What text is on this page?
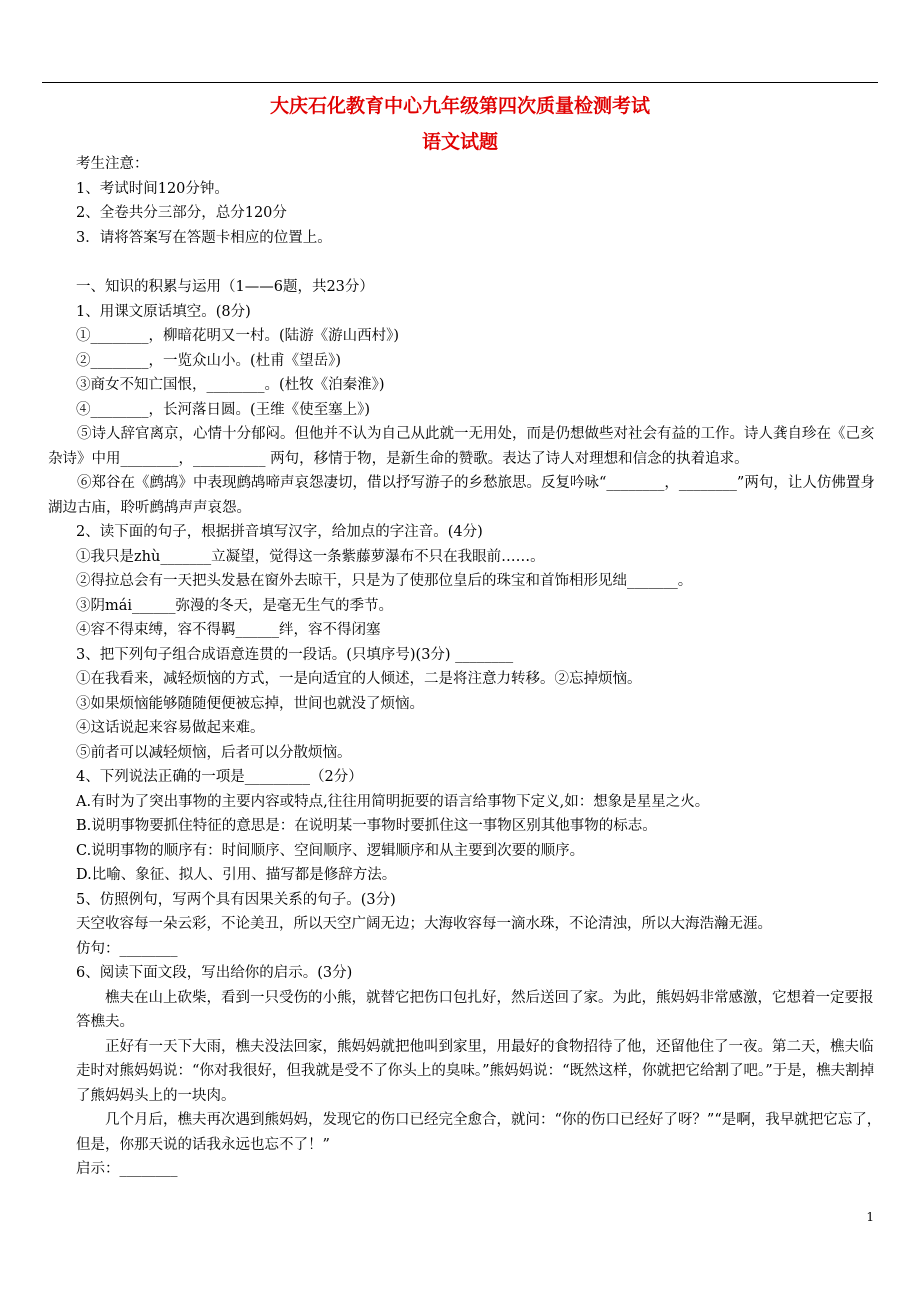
大庆石化教育中心九年级第四次质量检测考试
语文试题

考生注意：

1、考试时间120分钟。

2、全卷共分三部分，总分120分

3．请将答案写在答题卡相应的位置上。

一、知识的积累与运用（1——6题，共23分）

1、用课文原话填空。(8分)

①________，柳暗花明又一村。(陆游《游山西村》)

②________，一览众山小。(杜甫《望岳》)

③商女不知亡国恨，________。(杜牧《泊秦淮》)

④________，长河落日圆。(王维《使至塞上》)

⑤诗人辞官离京，心情十分郁闷。但他并不认为自己从此就一无用处，而是仍想做些对社会有益的工作。诗人龚自珍在《己亥杂诗》中用________，__________ 两句，移情于物，是新生命的赞歌。表达了诗人对理想和信念的执着追求。

⑥郑谷在《鹧鸪》中表现鹧鸪啼声哀怨凄切，借以抒写游子的乡愁旅思。反复吟咏“________，________”两句，让人仿佛置身湖边古庙，聆听鹧鸪声声哀怨。

2、读下面的句子，根据拼音填写汉字，给加点的字注音。(4分)

①我只是zhù_______立凝望，觉得这一条紫藤萝瀑布不只在我眼前……。

②得拉总会有一天把头发悬在窗外去晾干，只是为了使那位皇后的珠宝和首饰相形见绌_______。

③阴mái______弥漫的冬天，是毫无生气的季节。

④容不得束缚，容不得羁______绊，容不得闭塞

3、把下列句子组合成语意连贯的一段话。(只填序号)(3分) ________

①在我看来，减轻烦恼的方式，一是向适宜的人倾述，二是将注意力转移。②忘掉烦恼。

③如果烦恼能够随随便便被忘掉，世间也就没了烦恼。

④这话说起来容易做起来难。

⑤前者可以减轻烦恼，后者可以分散烦恼。

4、下列说法正确的一项是_________（2分）

A.有时为了突出事物的主要内容或特点,往往用简明扼要的语言给事物下定义,如：想象是星星之火。

B.说明事物要抓住特征的意思是：在说明某一事物时要抓住这一事物区别其他事物的标志。

C.说明事物的顺序有：时间顺序、空间顺序、逻辑顺序和从主要到次要的顺序。

D.比喻、象征、拟人、引用、描写都是修辞方法。

5、仿照例句，写两个具有因果关系的句子。(3分)

天空收容每一朵云彩，不论美丑，所以天空广阔无边；大海收容每一滴水珠，不论清浊，所以大海浩瀚无涯。

仿句：________

6、阅读下面文段，写出给你的启示。(3分)

樵夫在山上砍柴，看到一只受伤的小熊，就替它把伤口包扎好，然后送回了家。为此，熊妈妈非常感激，它想着一定要报答樵夫。

正好有一天下大雨，樵夫没法回家，熊妈妈就把他叫到家里，用最好的食物招待了他，还留他住了一夜。第二天，樵夫临走时对熊妈妈说：“你对我很好，但我就是受不了你头上的臭味。”熊妈妈说：“既然这样，你就把它给割了吧。”于是，樵夫割掉了熊妈妈头上的一块肉。

几个月后，樵夫再次遇到熊妈妈，发现它的伤口已经完全愈合，就问：“你的伤口已经好了呀？”“是啊，我早就把它忘了，但是，你那天说的话我永远也忘不了！”

启示：________

1
